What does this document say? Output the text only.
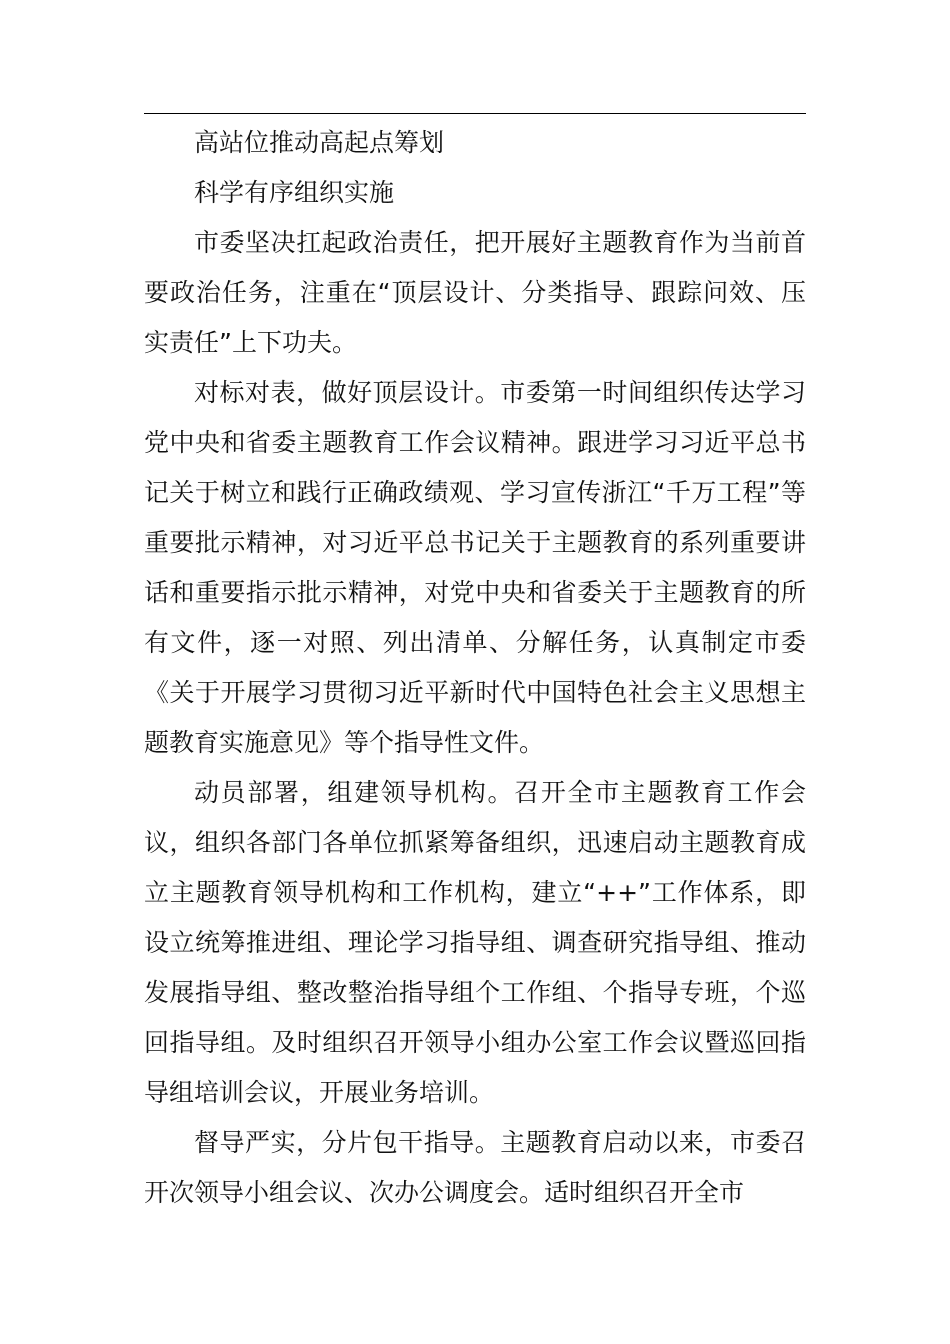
高站位推动高起点筹划

科学有序组织实施

市委坚决扛起政治责任，把开展好主题教育作为当前首要政治任务，注重在“顶层设计、分类指导、跟踪问效、压实责任”上下功夫。

对标对表，做好顶层设计。市委第一时间组织传达学习党中央和省委主题教育工作会议精神。跟进学习习近平总书记关于树立和践行正确政绩观、学习宣传浙江“千万工程”等重要批示精神，对习近平总书记关于主题教育的系列重要讲话和重要指示批示精神，对党中央和省委关于主题教育的所有文件，逐一对照、列出清单、分解任务，认真制定市委《关于开展学习贯彻习近平新时代中国特色社会主义思想主题教育实施意见》等个指导性文件。

动员部署，组建领导机构。召开全市主题教育工作会议，组织各部门各单位抓紧筹备组织，迅速启动主题教育成立主题教育领导机构和工作机构，建立“++”工作体系，即设立统筹推进组、理论学习指导组、调查研究指导组、推动发展指导组、整改整治指导组个工作组、个指导专班，个巡回指导组。及时组织召开领导小组办公室工作会议暨巡回指导组培训会议，开展业务培训。

督导严实，分片包干指导。主题教育启动以来，市委召开次领导小组会议、次办公调度会。适时组织召开全市
